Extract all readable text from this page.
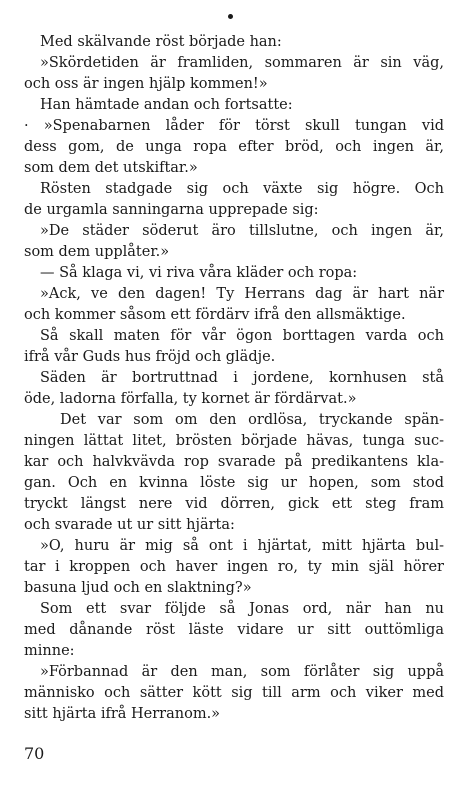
Med skälvande röst började han:
»Skördetiden är framliden, sommaren är sin väg,
och oss är ingen hjälp kommen!»
Han hämtade andan och fortsatte:
· »Spenabarnen låder för törst skull tungan vid
dess gom, de unga ropa efter bröd, och ingen är,
som dem det utskiftar.»
Rösten stadgade sig och växte sig högre. Och
de urgamla sanningarna upprepade sig:
»De städer söderut äro tillslutne, och ingen är,
som dem upplåter.»
— Så klaga vi, vi riva våra kläder och ropa:
»Ack, ve den dagen! Ty Herrans dag är hart när
och kommer såsom ett fördärv ifrå den allsmäktige.
Så skall maten för vår ögon borttagen varda och
ifrå vår Guds hus fröjd och glädje.
Säden är bortruttnad i jordene, kornhusen stå
öde, ladorna förfalla, ty kornet är fördärvat.»
Det var som om den ordlösa, tryckande spän-
ningen lättat litet, brösten började hävas, tunga suc-
kar och halvkvävda rop svarade på predikantens kla-
gan. Och en kvinna löste sig ur hopen, som stod
tryckt längst nere vid dörren, gick ett steg fram
och svarade ut ur sitt hjärta:
»O, huru är mig så ont i hjärtat, mitt hjärta bul-
tar i kroppen och haver ingen ro, ty min själ hörer
basuna ljud och en slaktning?»
Som ett svar följde så Jonas ord, när han nu
med dånande röst läste vidare ur sitt outtömliga
minne:
»Förbannad är den man, som förlåter sig uppå
människo och sätter kött sig till arm och viker med
sitt hjärta ifrå Herranom.»
70
